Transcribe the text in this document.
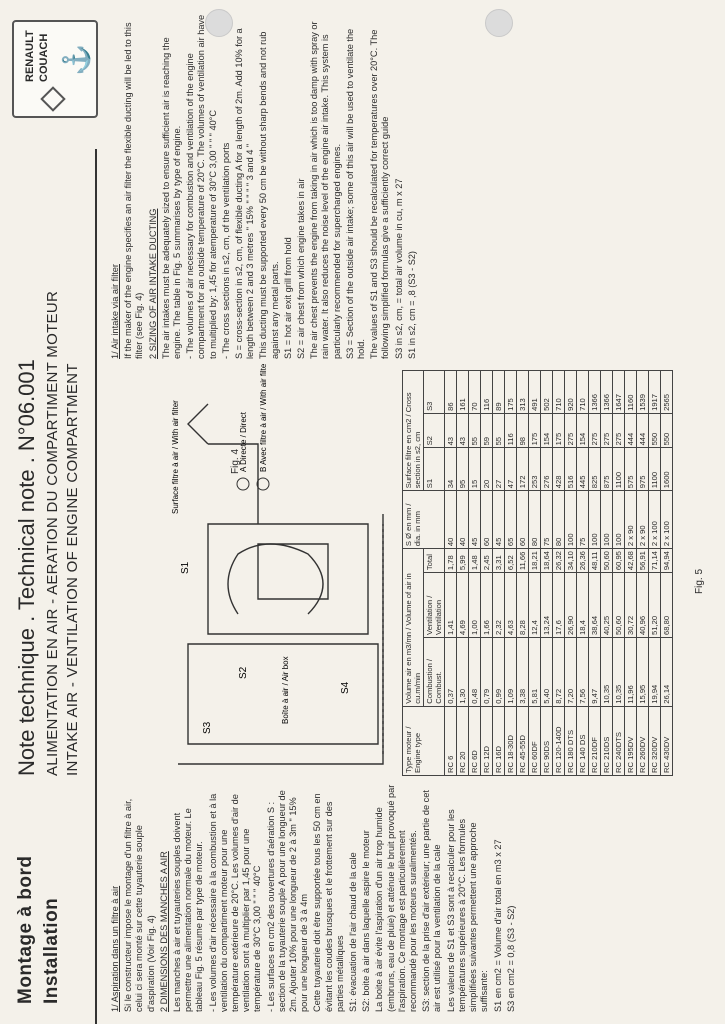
Montage à bord Installation
Note technique . Technical note . N°06.001 ALIMENTATION EN AIR - AERATION DU COMPARTIMENT MOTEUR INTAKE AIR - VENTILATION OF ENGINE COMPARTMENT
RENAULT COUACH ⚓

1/ Aspiration dans un filtre à air Si le constructeur impose le montage d'un filtre à air, celui ci sera monté sur cette tuyauterie souple d'aspiration (Voir Fig. 4) 2 DIMENSIONS DES MANCHES A AIR Les manches à air et tuyauteries souples doivent permettre une alimentation normale du moteur. Le tableau Fig. 5 résume par type de moteur. - Les volumes d'air nécessaire à la combustion et à la ventilation du compartiment moteur pour une température extérieure de 20°C. Les volumes d'air de ventilation sont à multiplier par 1,45 pour une température de 30°C 3,00 " " " 40°C - Les surfaces en cm2 des ouvertures d'aération S : section de la tuyauterie souple A pour une longueur de 2m. Ajouter 10% pour une longueur de 2 à 3m " 15% pour une longueur de 3 à 4m Cette tuyauterie doit être supportée tous les 50 cm en évitant les coudes brusques et le frottement sur des parties métalliques S1: évacuation de l'air chaud de la cale S2: boite à air dans laquelle aspire le moteur La boite à air évite l'aspiration d'un air trop humide (embruns, eau de pluie) et atténue le bruit provoqué par l'aspiration. Ce montage est particulièrement recommandé pour les moteurs suralimentés. S3: section de la prise d'air extérieur; une partie de cet air est utilisé pour la ventilation de la cale Les valeurs de S1 et S3 sont à recalculer pour les températures supérieures à 20°C. Les formules simplifiées suivantes permettent une approche suffisante: S1 en cm2 = Volume d'air total en m3 x 27 S3 en cm2 = 0,8 (S3 - S2)

S3
S2
S1
S4
Boîte à air / Air box
A Directe / Direct B Avec filtre à air / With air filter
Surface filtre à air / With air filter	Fig. 4
Type moteur / Engine type	Volume air en m3/mn / Volume of air in cu.m/min			S Ø en mm / dia. in mm	Surface filtre en cm2 / Cross section in s2, cm		
	Combustion / Combust.	Ventilation / Ventilation	Total		S1	S2	S3
RC 6	0,37	1,41	1,78	40	34	43	86
RC 20	1,30	4,69	5,99	40	95	43	161
RC 6D	0,48	1,00	1,48	45	15	55	70
RC 12D	0,79	1,66	2,45	60	20	59	116
RC 16D	0,99	2,32	3,31	45	27	55	89
RC 18-30D	1,09	4,63	6,52	65	47	116	175
RC 45-55D	3,38	8,28	11,66	60	172	98	313
RC 60DF	5,81	12,4	18,21	80	253	175	491
RC 90DS	5,40	13,24	18,64	75	276	154	502
RC 120-140D	8,72	17,6	26,32	80	428	175	710
RC 180 DTS	7,20	26,90	34,10	100	516	275	920
RC 140 DS	7,56	18,4	26,36	75	445	154	710
RC 210DF	9,47	38,64	48,11	100	825	275	1366
RC 210DS	10,35	40,25	50,60	100	875	275	1366
RC 240DTS	10,35	50,60	60,95	100	1100	275	1647
RC 195DV	11,96	30,72	42,68	2 x 90	575	444	1160
RC 260DV	15,95	40,96	56,91	2 x 90	975	444	1539
RC 320DV	19,94	51,20	71,14	2 x 100	1100	550	1917
RC 430DV	26,14	68,80	94,94	2 x 100	1600	550	2565
Fig. 5

1/ Air intake via air filter If the maker of the engine specifies an air filter the flexible ducting will be led to this filter (see Fig. 4) 2 SIZING OF AIR INTAKE DUCTING The air intakes must be adequately sized to ensure sufficient air is reaching the engine. The table in Fig. 5 summarises by type of engine. - The volumes of air necessary for combustion and ventilation of the engine compartment for an outside temperature of 20°C. The volumes of ventilation air have to multiplied by: 1,45 for atemperature of 30°C 3,00 " " " 40°C - The cross sections in s2, cm, of the ventilation ports S = cross-section in s2, cm, of flexible ducting A for a length of 2m. Add 10% for a length between 2 and 3 metres " 15% " " " " 3 and 4 " This ducting must be supported every 50 cm be without sharp bends and not rub against any metal parts. S1 = hot air exit grill from hold S2 = air chest from which engine takes in air The air chest prevents the engine from taking in air which is too damp with spray or rain water. It also reduces the noise level of the engine air intake. This system is particularly recommended for supercharged engines. S3 = Section of the outside air intake; some of this air will be used to ventilate the hold. The values of S1 and S3 should be recalculated for temperatures over 20°C. The following simplified formulas give a sufficiently correct guide S3 in s2, cm, = total air volume in cu, m x 27 S1 in s2, cm = ,8 (S3 - S2)
